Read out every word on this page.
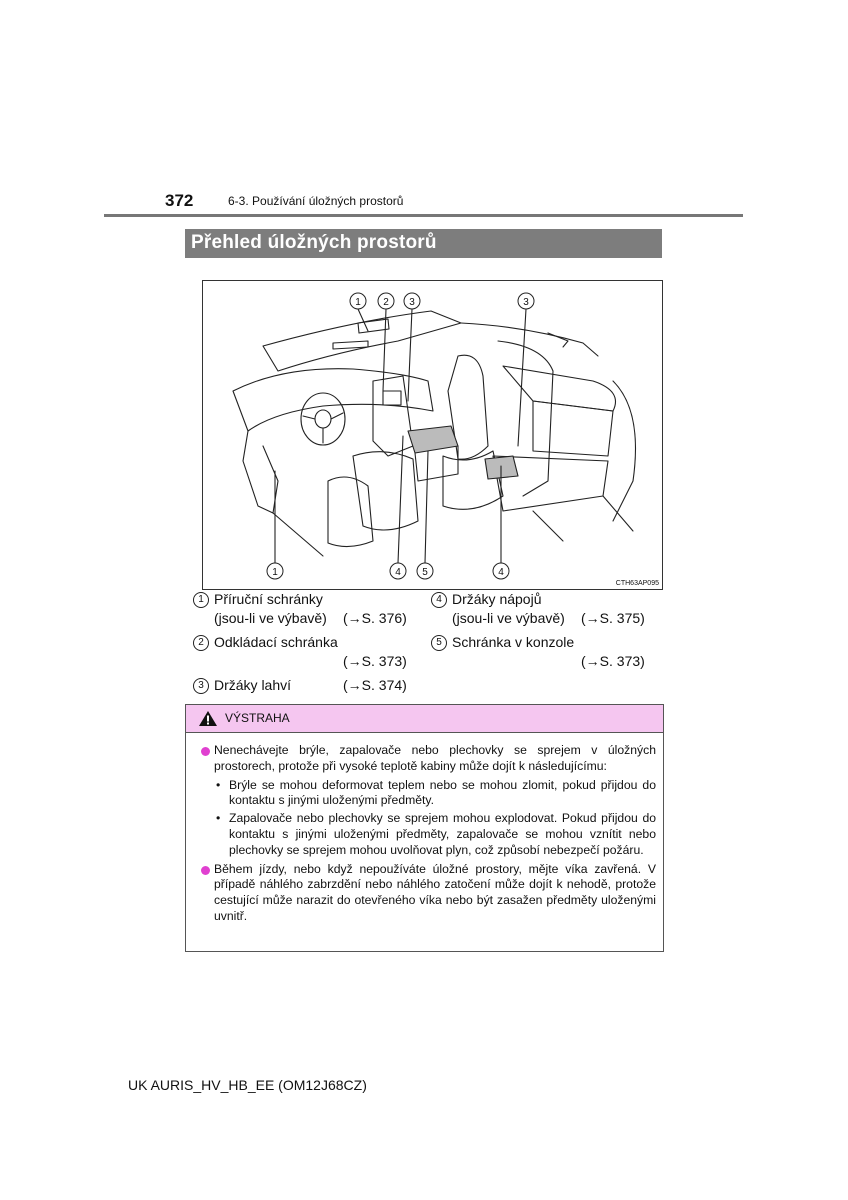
372	6-3. Používání úložných prostorů
Přehled úložných prostorů
1 2 3	3
1	4 5	4
CTH63AP095
1 Příruční schránky
(jsou-li ve výbavě) (→S. 376)
2 Odkládací schránka
(→S. 373)
3 Držáky lahví	(→S. 374)
4 Držáky nápojů
(jsou-li ve výbavě) (→S. 375)
5 Schránka v konzole
(→S. 373)
VÝSTRAHA
Nenechávejte brýle, zapalovače nebo plechovky se sprejem v úložných prostorech, protože při vysoké teplotě kabiny může dojít k následujícímu:
• Brýle se mohou deformovat teplem nebo se mohou zlomit, pokud přijdou do kontaktu s jinými uloženými předměty.
• Zapalovače nebo plechovky se sprejem mohou explodovat. Pokud přijdou do kontaktu s jinými uloženými předměty, zapalovače se mohou vznítit nebo plechovky se sprejem mohou uvolňovat plyn, což způsobí nebezpečí požáru.
Během jízdy, nebo když nepoužíváte úložné prostory, mějte víka zavřená. V případě náhlého zabrzdění nebo náhlého zatočení může dojít k nehodě, protože cestující může narazit do otevřeného víka nebo být zasažen předměty uloženými uvnitř.
UK AURIS_HV_HB_EE (OM12J68CZ)
